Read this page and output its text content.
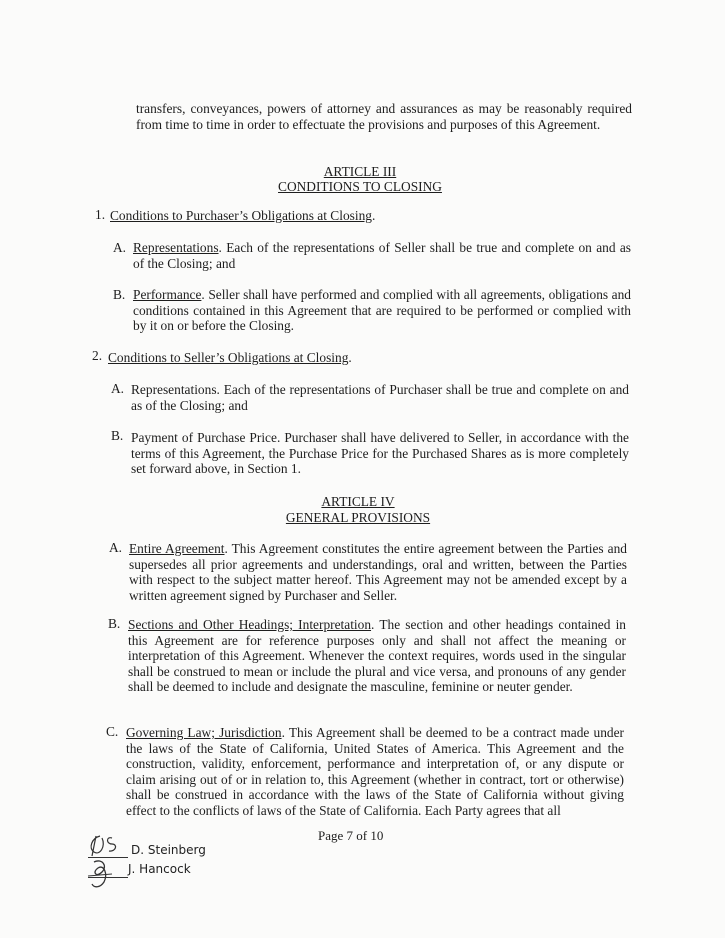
transfers, conveyances, powers of attorney and assurances as may be reasonably required from time to time in order to effectuate the provisions and purposes of this Agreement.
ARTICLE III
CONDITIONS TO CLOSING
1. Conditions to Purchaser’s Obligations at Closing.
A. Representations. Each of the representations of Seller shall be true and complete on and as of the Closing; and
B. Performance. Seller shall have performed and complied with all agreements, obligations and conditions contained in this Agreement that are required to be performed or complied with by it on or before the Closing.
2. Conditions to Seller’s Obligations at Closing.
A. Representations. Each of the representations of Purchaser shall be true and complete on and as of the Closing; and
B. Payment of Purchase Price. Purchaser shall have delivered to Seller, in accordance with the terms of this Agreement, the Purchase Price for the Purchased Shares as is more completely set forward above, in Section 1.
ARTICLE IV
GENERAL PROVISIONS
A. Entire Agreement. This Agreement constitutes the entire agreement between the Parties and supersedes all prior agreements and understandings, oral and written, between the Parties with respect to the subject matter hereof. This Agreement may not be amended except by a written agreement signed by Purchaser and Seller.
B. Sections and Other Headings; Interpretation. The section and other headings contained in this Agreement are for reference purposes only and shall not affect the meaning or interpretation of this Agreement. Whenever the context requires, words used in the singular shall be construed to mean or include the plural and vice versa, and pronouns of any gender shall be deemed to include and designate the masculine, feminine or neuter gender.
C. Governing Law; Jurisdiction. This Agreement shall be deemed to be a contract made under the laws of the State of California, United States of America. This Agreement and the construction, validity, enforcement, performance and interpretation of, or any dispute or claim arising out of or in relation to, this Agreement (whether in contract, tort or otherwise) shall be construed in accordance with the laws of the State of California without giving effect to the conflicts of laws of the State of California. Each Party agrees that all
Page 7 of 10
D. Steinberg
J. Hancock
